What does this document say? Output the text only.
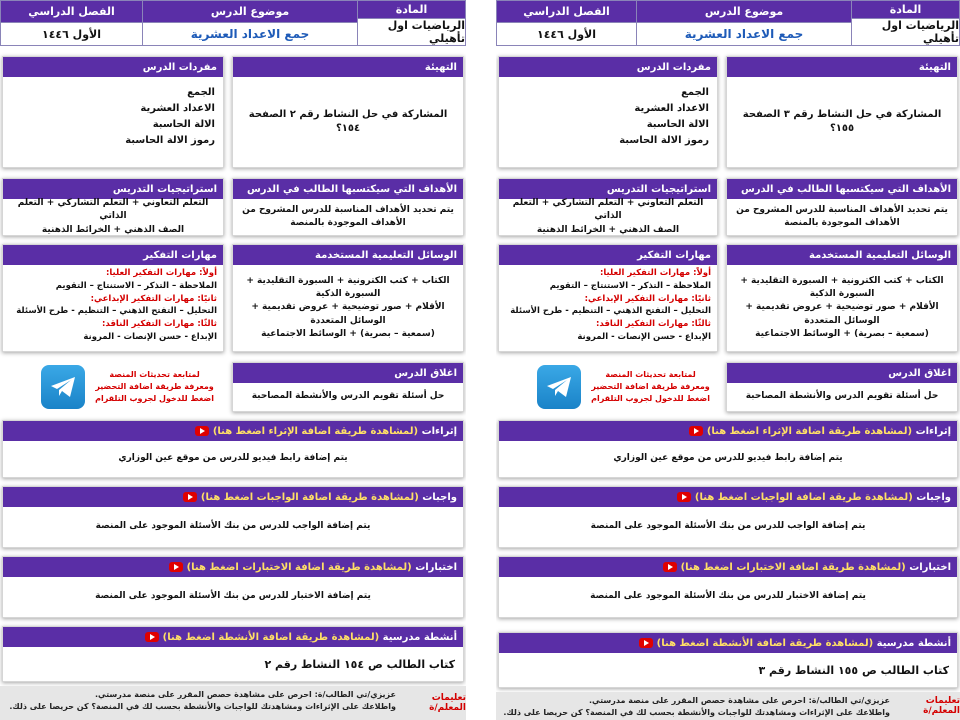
المادة
الرياضيات اول تأهيلي
موضوع الدرس
جمع الاعداد العشرية
الفصل الدراسي
الأول ١٤٤٦
التهيئة
المشاركة في حل النشاط رقم ٢ الصفحة ١٥٤؟
مفردات الدرس
الجمع
الاعداد العشرية
الالة الحاسبة
رموز الالة الحاسبة
الأهداف التي سيكتسبها الطالب في الدرس
يتم تحديد الأهداف المناسبة للدرس المشروح من الأهداف الموجودة بالمنصة
استراتيجيات التدريس
التعلم التعاوني + التعلم التشاركي + التعلم الذاتي
الصف الذهني + الخرائط الذهنية
الوسائل التعليمية المستخدمة
الكتاب + كتب الكترونية + السبورة التقليدية + السبورة الذكية
الأقلام + صور توضيحية + عروض تقديمية + الوسائل المتعددة
(سمعية – بصرية) + الوسائط الاجتماعية
مهارات التفكير
أولاً: مهارات التفكير العليا:
الملاحظة – التذكر – الاستنتاج – التقويم
ثانيًا: مهارات التفكير الإبداعي:
التحليل – التفتح الذهني – التنظيم - طرح الأسئلة
ثالثًا: مهارات التفكير الناقد:
الإبداع - حسن الإنصات - المرونة
اغلاق الدرس
حل أسئلة تقويم الدرس والأنشطة المصاحبة
لمتابعة تحديثات المنصة
ومعرفة طريقة اضافة التحضير
اضغط للدخول لجروب التلقرام
إثراءات

(لمشاهدة طريقة اضافة الإثراء اضغط هنا)
يتم إضافة رابط فيديو للدرس من موقع عين الوزاري
واجبات

(لمشاهدة طريقة اضافة الواجبات اضغط هنا)
يتم إضافة الواجب للدرس من بنك الأسئلة الموجود على المنصة
اختبارات

(لمشاهدة طريقة اضافة الاختبارات اضغط هنا)
يتم إضافة الاختبار للدرس من بنك الأسئلة الموجود على المنصة
أنشطة مدرسية

(لمشاهدة طريقة اضافة الأنشطة اضغط هنا)
كتاب الطالب ص ١٥٤ النشاط رقم ٢
تعليمات المعلم/ة
عزيزي/تي الطالب/ة: احرص على مشاهدة حصص المقرر على منصة مدرستي.
واطلاعك على الإثراءات ومشاهدتك للواجبات والأنشطة بحسب لك في المنصة؟ كن حريصا على ذلك.
المادة
الرياضيات اول تأهيلي
موضوع الدرس
جمع الاعداد العشرية
الفصل الدراسي
الأول ١٤٤٦
التهيئة
المشاركة في حل النشاط رقم ٣ الصفحة ١٥٥؟
مفردات الدرس
الجمع
الاعداد العشرية
الالة الحاسبة
رموز الالة الحاسبة
الأهداف التي سيكتسبها الطالب في الدرس
يتم تحديد الأهداف المناسبة للدرس المشروح من الأهداف الموجودة بالمنصة
استراتيجيات التدريس
التعلم التعاوني + التعلم التشاركي + التعلم الذاتي
الصف الذهني + الخرائط الذهنية
الوسائل التعليمية المستخدمة
الكتاب + كتب الكترونية + السبورة التقليدية + السبورة الذكية
الأقلام + صور توضيحية + عروض تقديمية + الوسائل المتعددة
(سمعية – بصرية) + الوسائط الاجتماعية
مهارات التفكير
أولاً: مهارات التفكير العليا:
الملاحظة – التذكر – الاستنتاج – التقويم
ثانيًا: مهارات التفكير الإبداعي:
التحليل – التفتح الذهني – التنظيم - طرح الأسئلة
ثالثًا: مهارات التفكير الناقد:
الإبداع - حسن الإنصات - المرونة
اغلاق الدرس
حل أسئلة تقويم الدرس والأنشطة المصاحبة
لمتابعة تحديثات المنصة
ومعرفة طريقة اضافة التحضير
اضغط للدخول لجروب التلقرام
إثراءات

(لمشاهدة طريقة اضافة الإثراء اضغط هنا)
يتم إضافة رابط فيديو للدرس من موقع عين الوزاري
واجبات

(لمشاهدة طريقة اضافة الواجبات اضغط هنا)
يتم إضافة الواجب للدرس من بنك الأسئلة الموجود على المنصة
اختبارات

(لمشاهدة طريقة اضافة الاختبارات اضغط هنا)
يتم إضافة الاختبار للدرس من بنك الأسئلة الموجود على المنصة
أنشطة مدرسية

(لمشاهدة طريقة اضافة الأنشطة اضغط هنا)
كتاب الطالب ص ١٥٥ النشاط رقم ٣
تعليمات المعلم/ة
عزيزي/تي الطالب/ة: احرص على مشاهدة حصص المقرر على منصة مدرستي.
واطلاعك على الإثراءات ومشاهدتك للواجبات والأنشطة بحسب لك في المنصة؟ كن حريصا على ذلك.
